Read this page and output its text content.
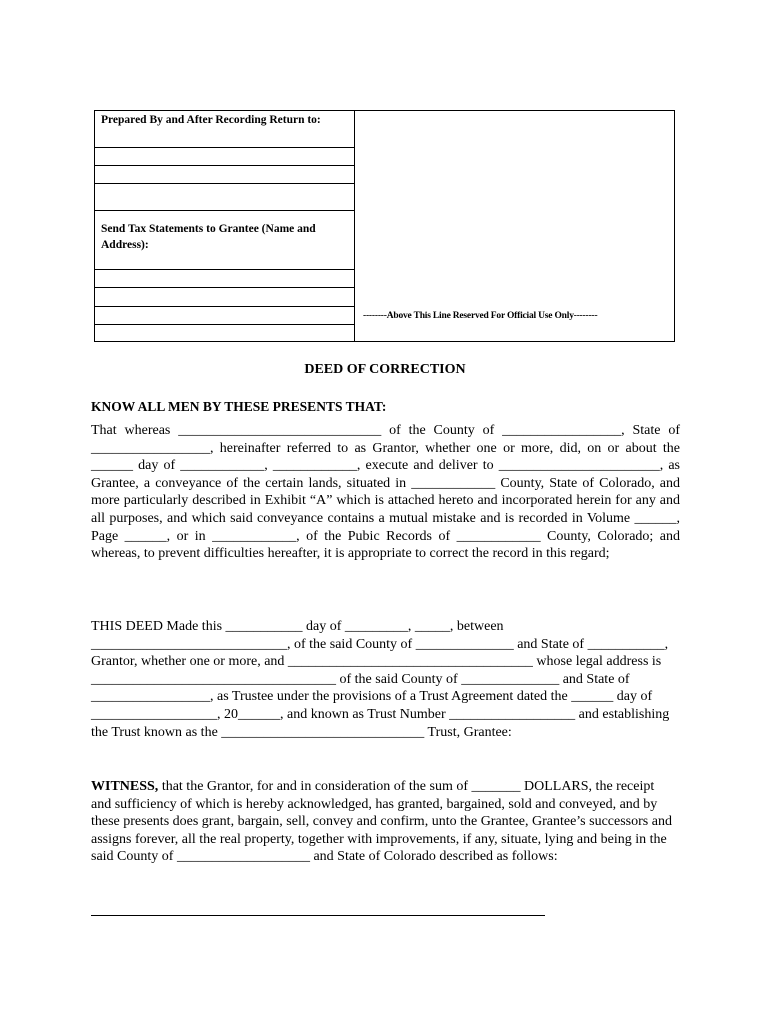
Prepared By and After Recording Return to:
Send Tax Statements to Grantee (Name and Address):
--------Above This Line Reserved For Official Use Only--------
DEED OF CORRECTION
KNOW ALL MEN BY THESE PRESENTS THAT:

That whereas _____________________________ of the County of _________________, State of _________________, hereinafter referred to as Grantor, whether one or more, did, on or about the ______ day of ____________, ____________, execute and deliver to _______________________, as Grantee, a conveyance of the certain lands, situated in ____________ County, State of Colorado, and more particularly described in Exhibit “A” which is attached hereto and incorporated herein for any and all purposes, and which said conveyance contains a mutual mistake and is recorded in Volume ______, Page ______, or in ____________, of the Pubic Records of ____________ County, Colorado; and whereas, to prevent difficulties hereafter, it is appropriate to correct the record in this regard;

THIS DEED Made this ___________ day of _________, _____, between ____________________________, of the said County of ______________ and State of ___________, Grantor, whether one or more, and ___________________________________ whose legal address is ___________________________________ of the said County of ______________ and State of _________________, as Trustee under the provisions of a Trust Agreement dated the ______ day of __________________, 20______, and known as Trust Number __________________ and establishing the Trust known as the _____________________________ Trust, Grantee:

WITNESS, that the Grantor, for and in consideration of the sum of _______ DOLLARS, the receipt and sufficiency of which is hereby acknowledged, has granted, bargained, sold and conveyed, and by these presents does grant, bargain, sell, convey and confirm, unto the Grantee, Grantee’s successors and assigns forever, all the real property, together with improvements, if any, situate, lying and being in the said County of ___________________ and State of Colorado described as follows:
